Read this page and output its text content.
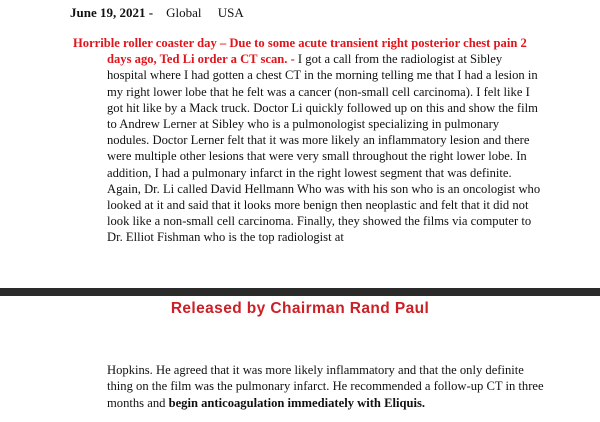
June 19, 2021 - Global USA
Horrible roller coaster day – Due to some acute transient right posterior chest pain 2 days ago, Ted Li order a CT scan. - I got a call from the radiologist at Sibley hospital where I had gotten a chest CT in the morning telling me that I had a lesion in my right lower lobe that he felt was a cancer (non-small cell carcinoma). I felt like I got hit like by a Mack truck. Doctor Li quickly followed up on this and show the film to Andrew Lerner at Sibley who is a pulmonologist specializing in pulmonary nodules. Doctor Lerner felt that it was more likely an inflammatory lesion and there were multiple other lesions that were very small throughout the right lower lobe. In addition, I had a pulmonary infarct in the right lowest segment that was definite. Again, Dr. Li called David Hellmann Who was with his son who is an oncologist who looked at it and said that it looks more benign then neoplastic and felt that it did not look like a non-small cell carcinoma. Finally, they showed the films via computer to Dr. Elliot Fishman who is the top radiologist at
Released by Chairman Rand Paul
Hopkins. He agreed that it was more likely inflammatory and that the only definite thing on the film was the pulmonary infarct. He recommended a follow-up CT in three months and begin anticoagulation immediately with Eliquis.
